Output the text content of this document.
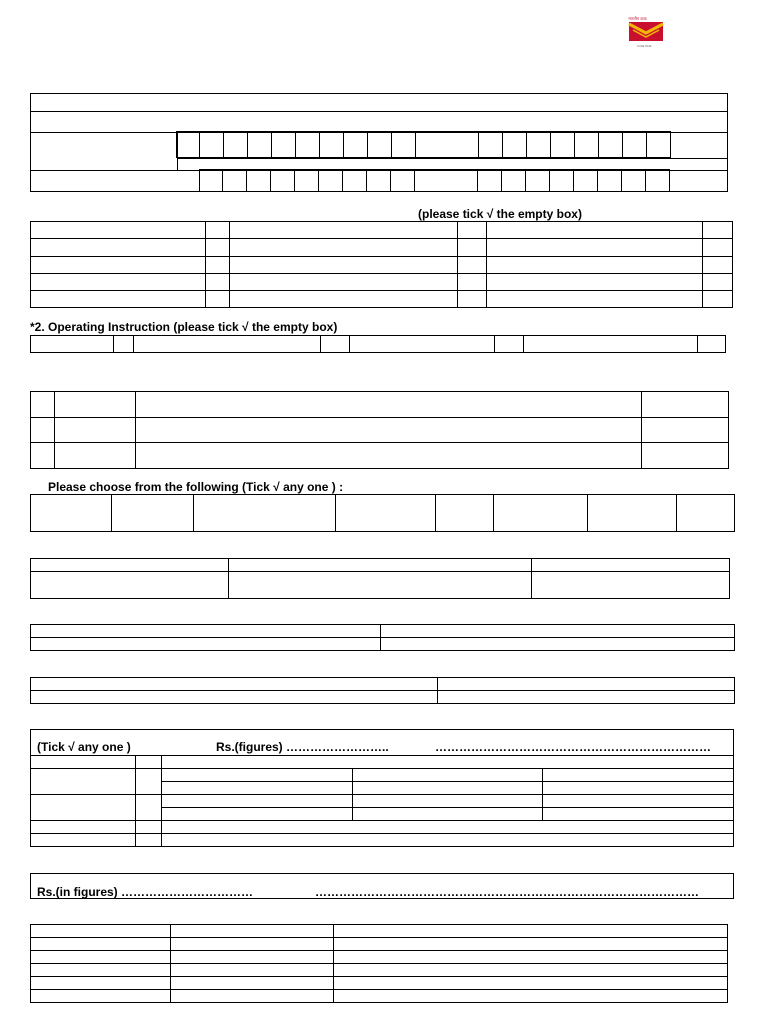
भारतीय डाक
India Post

(please tick √ the empty box)

*2. Operating Instruction (please tick √ the empty box)

Please choose from the following (Tick √ any one ) :

(Tick √ any one )	Rs.(figures) ……………………..	……………………………………………………………

Rs.(in figures) ……………………………	……………………………………………………………………………………
